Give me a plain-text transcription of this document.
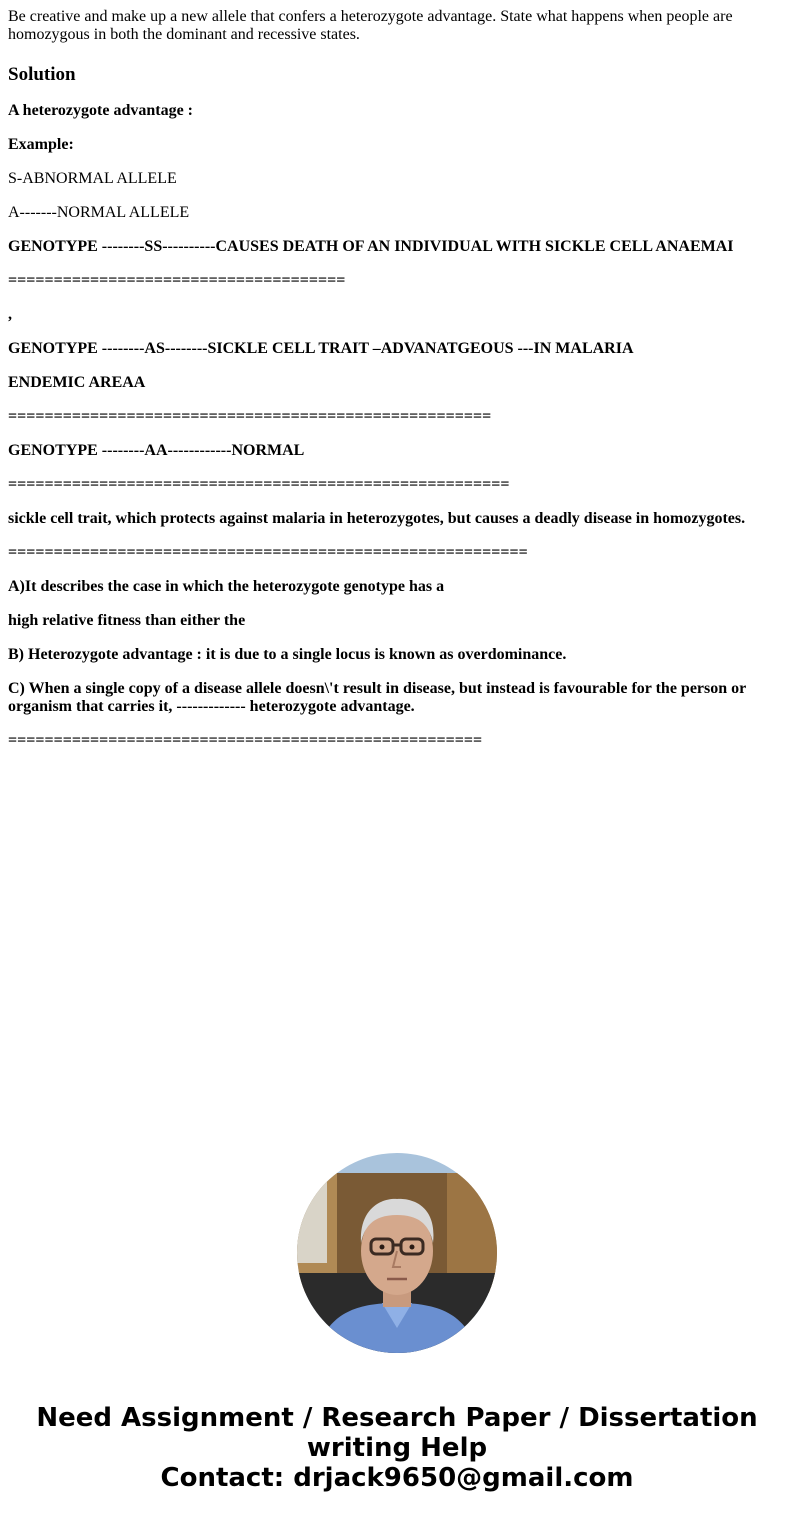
Be creative and make up a new allele that confers a heterozygote advantage. State what happens when people are homozygous in both the dominant and recessive states.

Solution

A heterozygote advantage :

Example:

S-ABNORMAL ALLELE

A-------NORMAL ALLELE

GENOTYPE --------SS----------CAUSES DEATH OF AN INDIVIDUAL WITH SICKLE CELL ANAEMAI

=====================================

,

GENOTYPE --------AS--------SICKLE CELL TRAIT –ADVANATGEOUS ---IN MALARIA

ENDEMIC AREAA

=====================================================

GENOTYPE --------AA------------NORMAL

=======================================================

sickle cell trait, which protects against malaria in heterozygotes, but causes a deadly disease in homozygotes.

=========================================================

A)It describes the case in which the heterozygote genotype has a

high relative fitness than either the

B) Heterozygote advantage : it is due to a single locus is known as overdominance.

C) When a single copy of a disease allele doesn\'t result in disease, but instead is favourable for the person or organism that carries it, ------------- heterozygote advantage.

====================================================

Need Assignment / Research Paper / Dissertation
writing Help
Contact: drjack9650@gmail.com
